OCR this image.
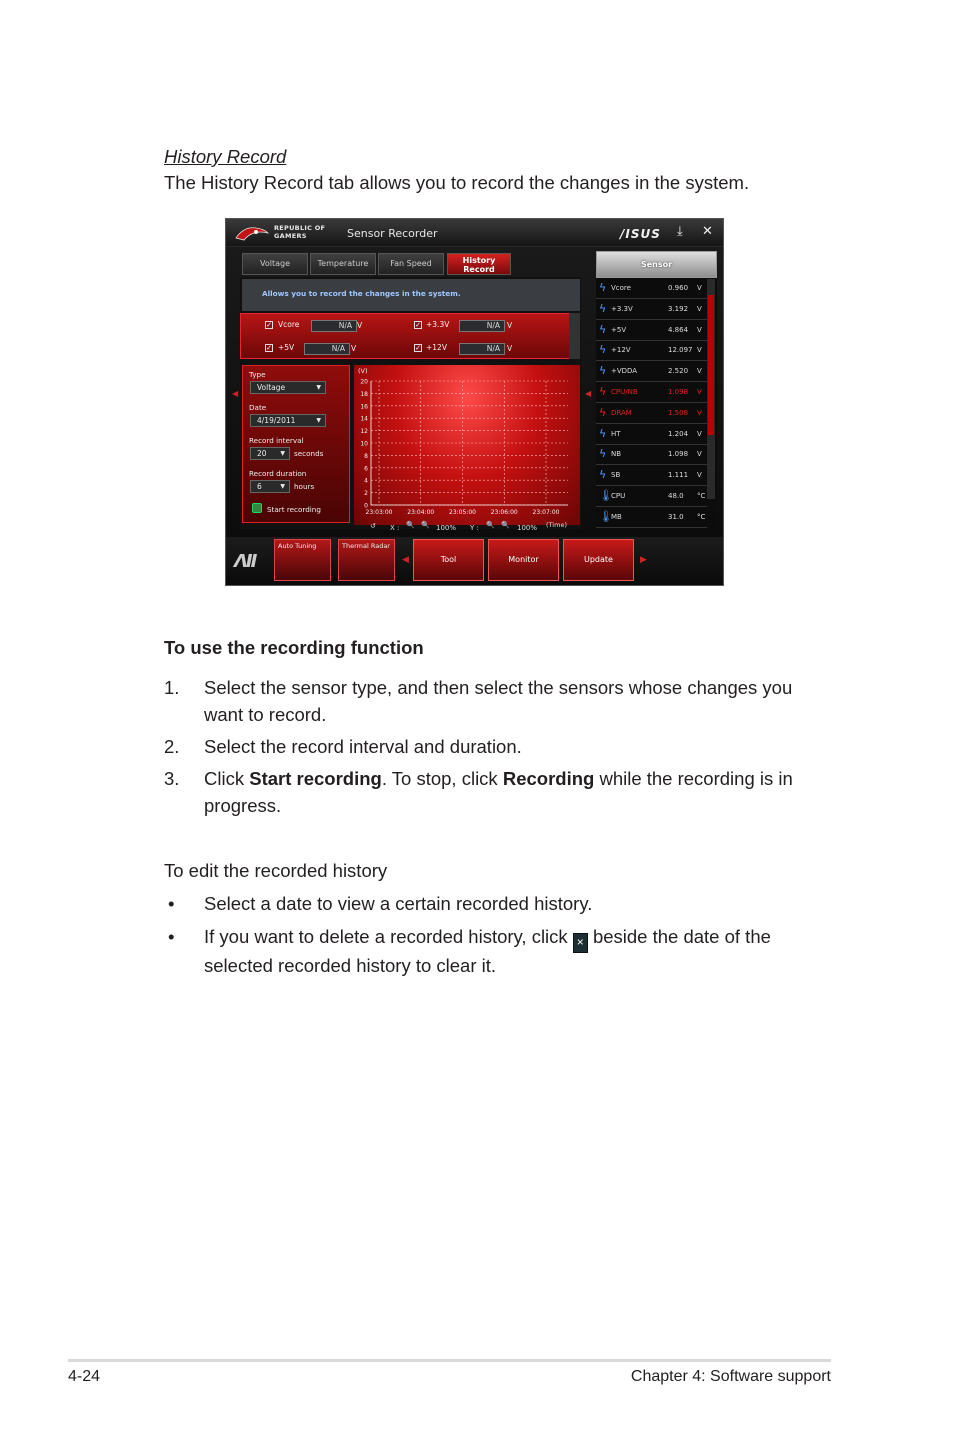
History Record

The History Record tab allows you to record the changes in the system.

REPUBLIC OF
GAMERS	Sensor Recorder	/ISUS ⤓ ✕
Voltage	Temperature	Fan Speed	History
Record
Allows you to record the changes in the system.
✓ Vcore	N/A V	✓ +3.3V	N/A V
✓ +5V	N/A V	✓ +12V	N/A V
◀
Type
Voltage	▼
Date
4/19/2011	▼
Record interval
20 ▼ seconds
Record duration
6	▼ hours
Start recording
(V)
20
18
16
14
12
10
8
6
4
2
0
23:03:00 23:04:00 23:05:00 23:06:00 23:07:00
↺ X : 🔍 🔍 100% Y : 🔍 🔍 100% (Time)
◀
Sensor
ϟ Vcore	0.960 V
ϟ +3.3V	3.192 V
ϟ +5V	4.864 V
ϟ +12V	12.097 V
ϟ +VDDA	2.520 V
ϟ CPU/NB	1.098 V
ϟ DRAM	1.508 V
ϟ HT	1.204 V
ϟ NB	1.098 V
ϟ SB	1.111 V
🌡
CPU	48.0 °C
🌡
MB	31.0 °C
ΛΙΙ
Auto Tuning	Thermal Radar
◀	Tool	Monitor	Update	▶

To use the recording function

1. Select the sensor type, and then select the sensors whose changes you want to record.
2. Select the record interval and duration.
3. Click Start recording. To stop, click Recording while the recording is in progress.

To edit the recorded history

• Select a date to view a certain recorded history.
• If you want to delete a recorded history, click × beside the date of the selected recorded history to clear it.
4-24	Chapter 4: Software support
